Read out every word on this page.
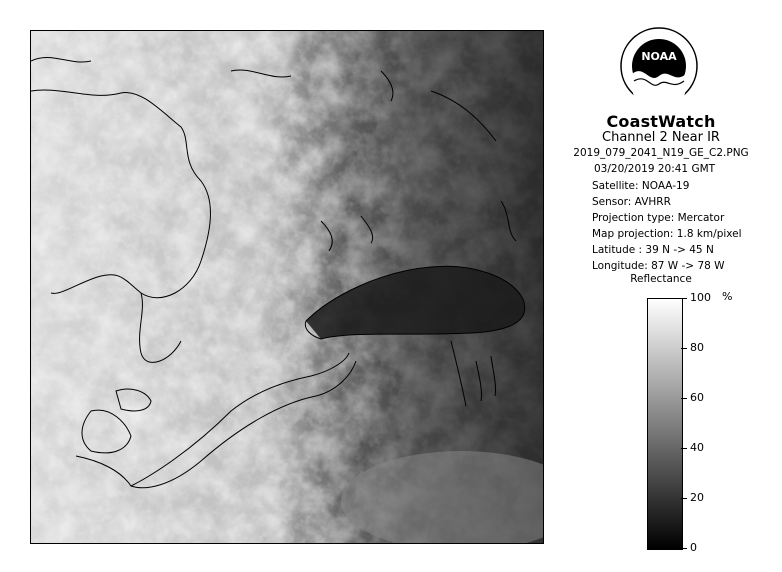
NOAA
CoastWatch
Channel 2 Near IR
2019_079_2041_N19_GE_C2.PNG
03/20/2019 20:41 GMT
Satellite: NOAA-19
Sensor: AVHRR
Projection type: Mercator
Map projection: 1.8 km/pixel
Latitude : 39 N -> 45 N
Longitude: 87 W -> 78 W
Reflectance
%
100
80
60
40
20
0
